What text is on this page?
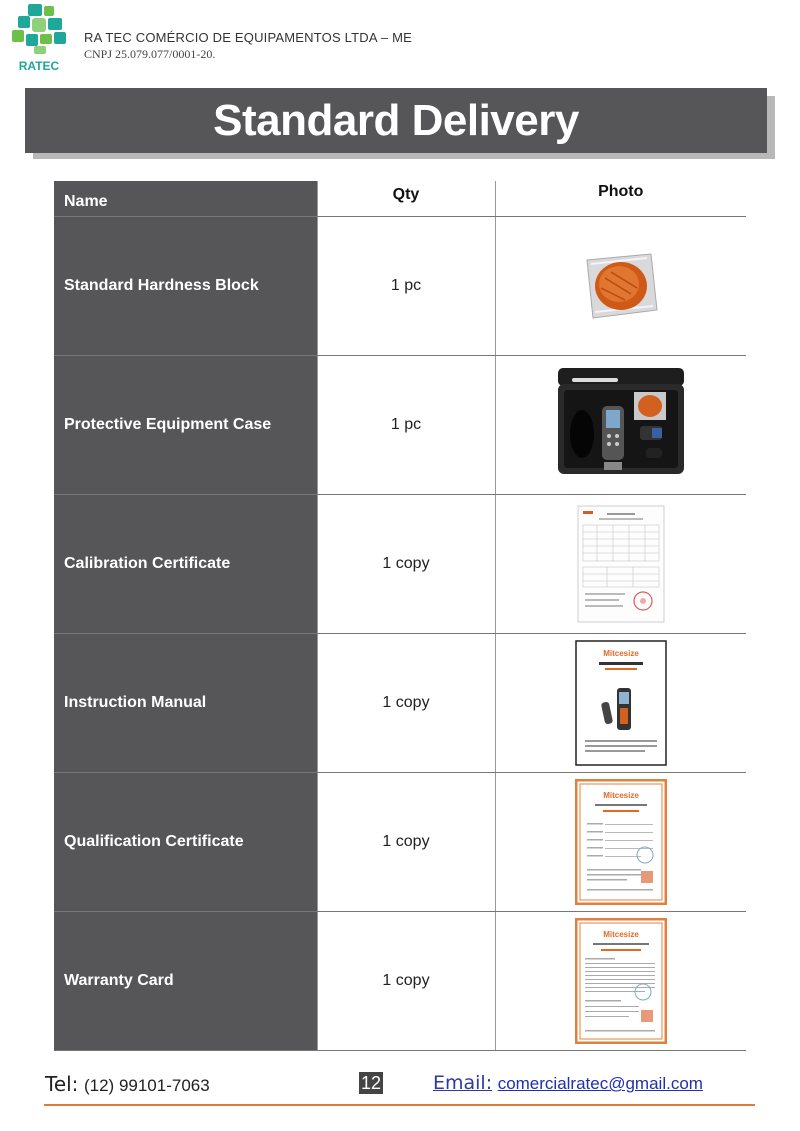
RATEC
RA TEC COMÉRCIO DE EQUIPAMENTOS LTDA – ME
CNPJ 25.079.077/0001-20.
Standard Delivery
Name	Qty	Photo
Standard Hardness Block	1 pc	
Protective Equipment Case	1 pc	
Calibration Certificate	1 copy	
Instruction Manual	1 copy	Mitcesize

Qualification Certificate	1 copy	Mitcesize

Warranty Card	1 copy	Mitcesize
Tel: (12) 99101-7063	12	Email: comercialratec@gmail.com
